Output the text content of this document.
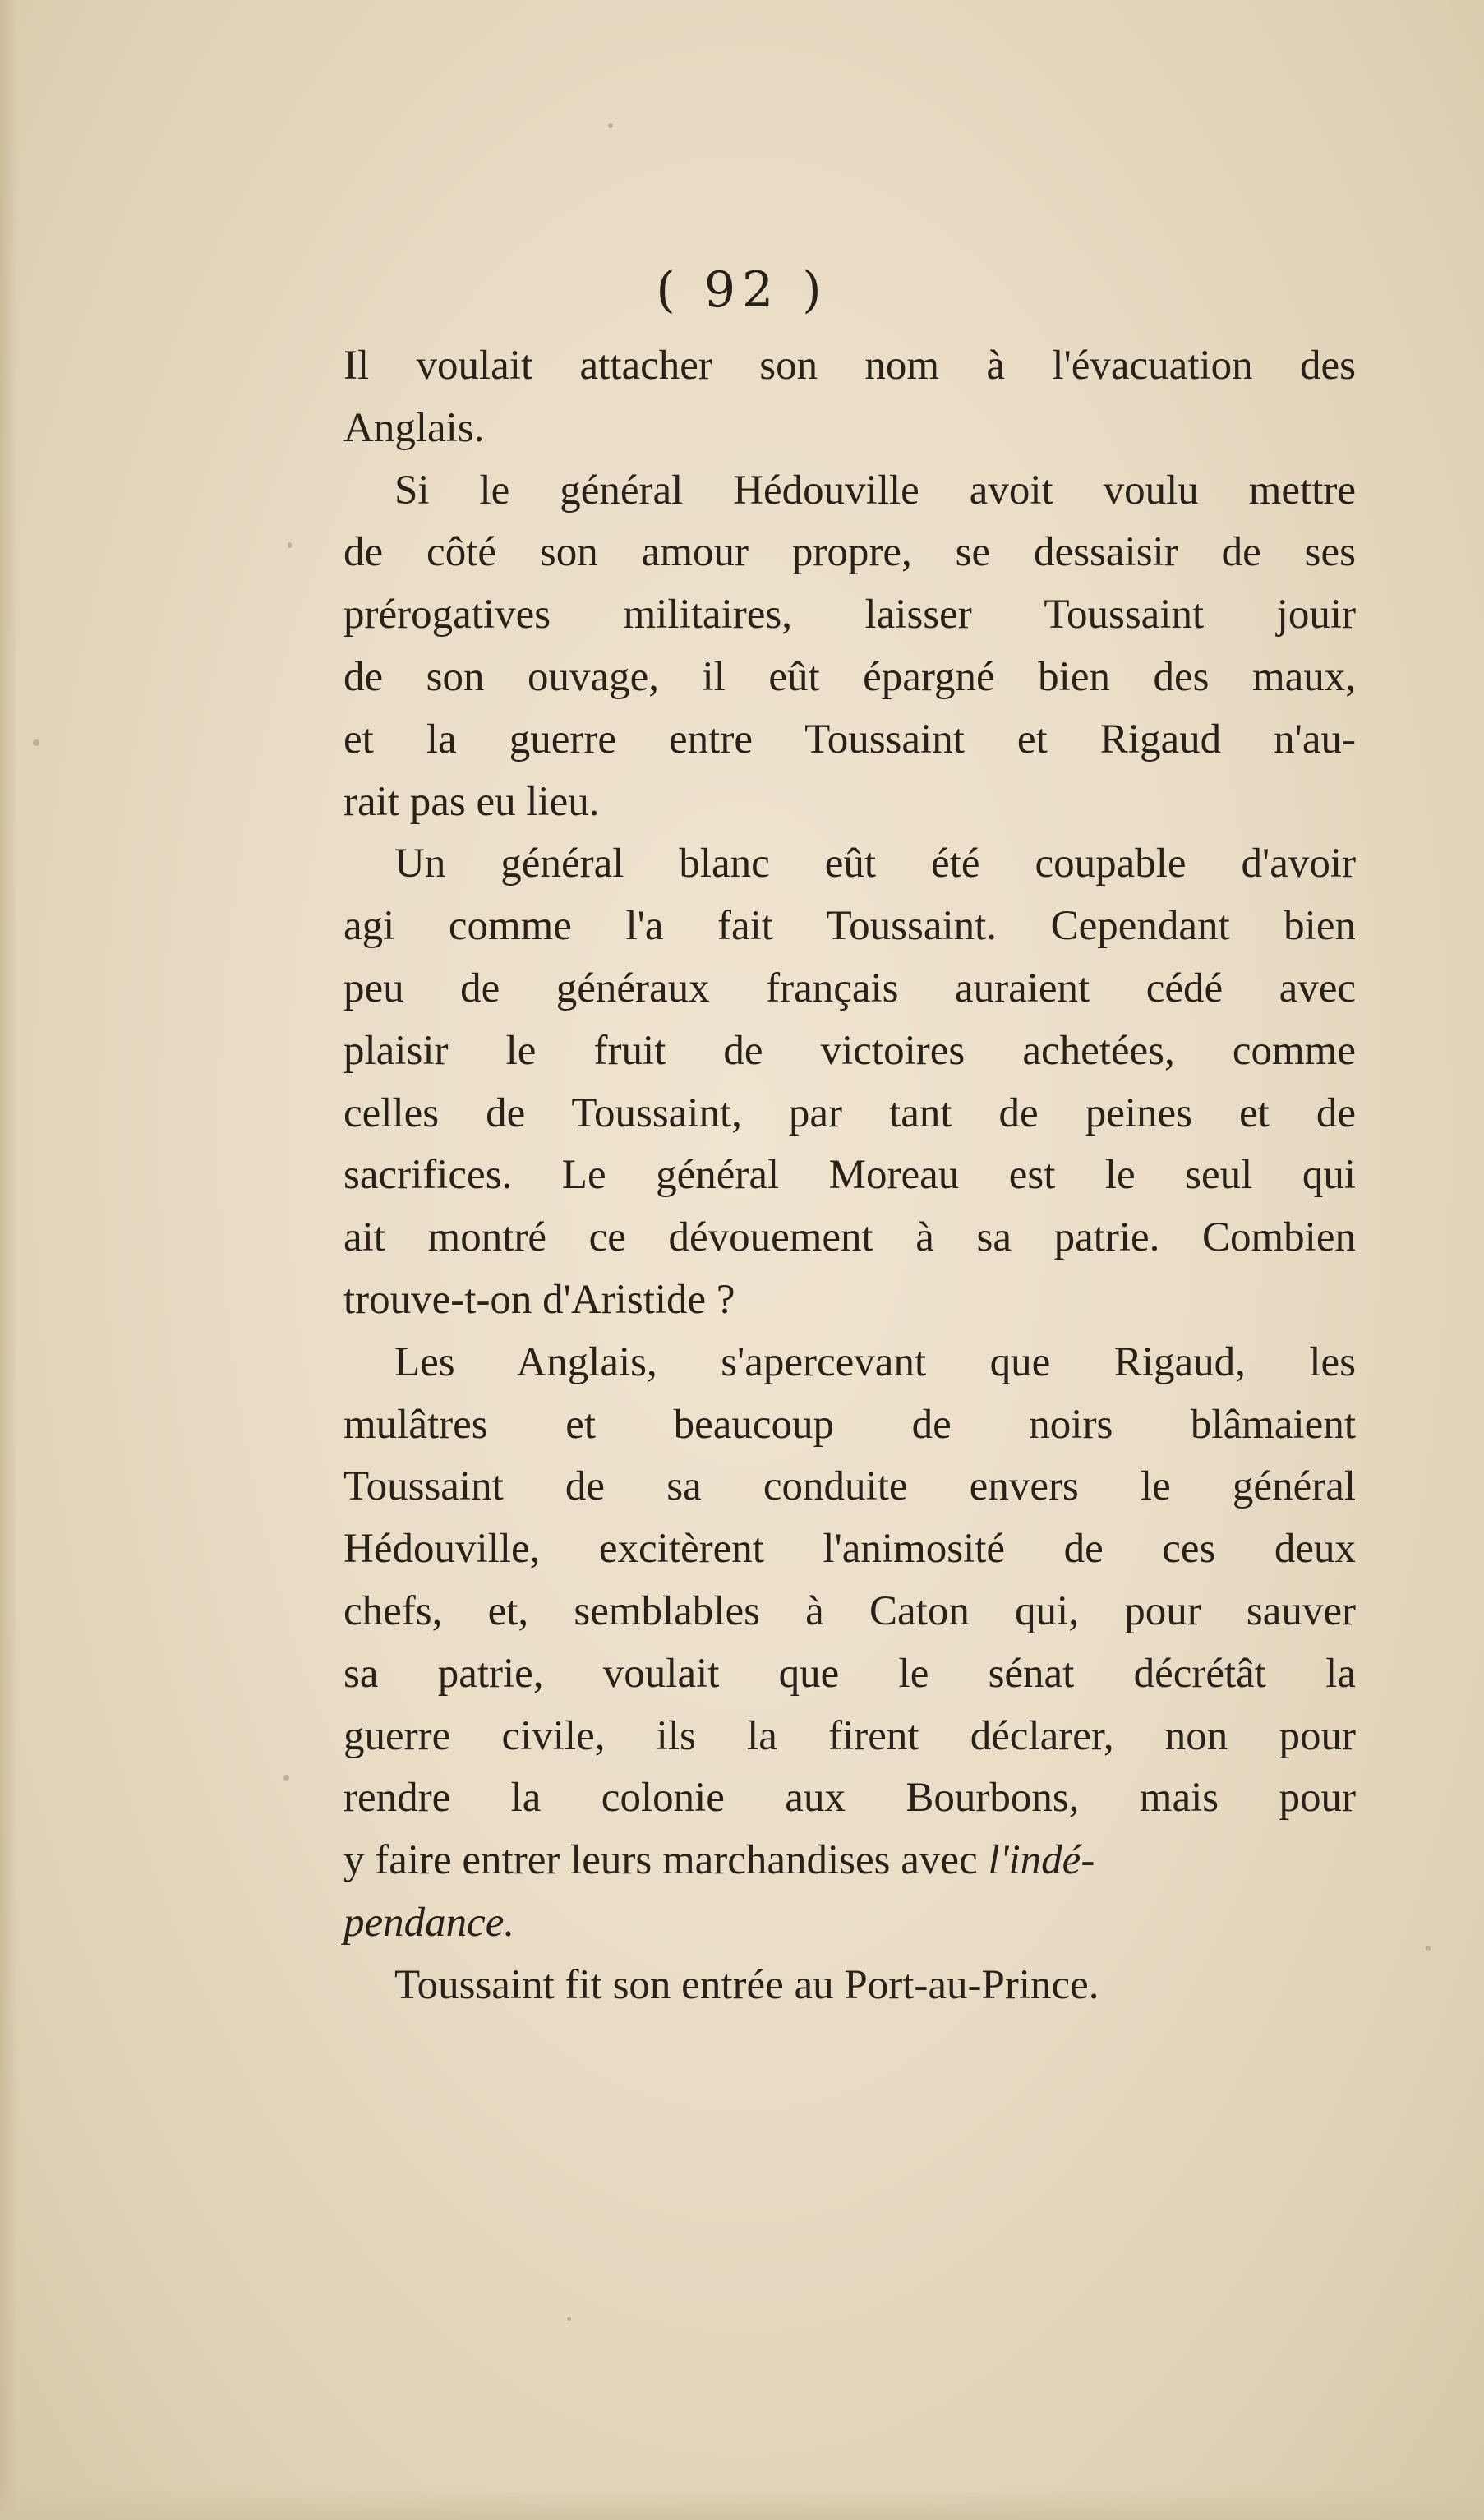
( 92 )
Il voulait attacher son nom à l'évacuation des
Anglais.
Si le général Hédouville avoit voulu mettre
de côté son amour propre, se dessaisir de ses
prérogatives militaires, laisser Toussaint jouir
de son ouvage, il eût épargné bien des maux,
et la guerre entre Toussaint et Rigaud n'au-
rait pas eu lieu.
Un général blanc eût été coupable d'avoir
agi comme l'a fait Toussaint. Cependant bien
peu de généraux français auraient cédé avec
plaisir le fruit de victoires achetées, comme
celles de Toussaint, par tant de peines et de
sacrifices. Le général Moreau est le seul qui
ait montré ce dévouement à sa patrie. Combien
trouve-t-on d'Aristide ?
Les Anglais, s'apercevant que Rigaud, les
mulâtres et beaucoup de noirs blâmaient
Toussaint de sa conduite envers le général
Hédouville, excitèrent l'animosité de ces deux
chefs, et, semblables à Caton qui, pour sauver
sa patrie, voulait que le sénat décrétât la
guerre civile, ils la firent déclarer, non pour
rendre la colonie aux Bourbons, mais pour
y faire entrer leurs marchandises avec l'indé-
pendance.
Toussaint fit son entrée au Port-au-Prince.
